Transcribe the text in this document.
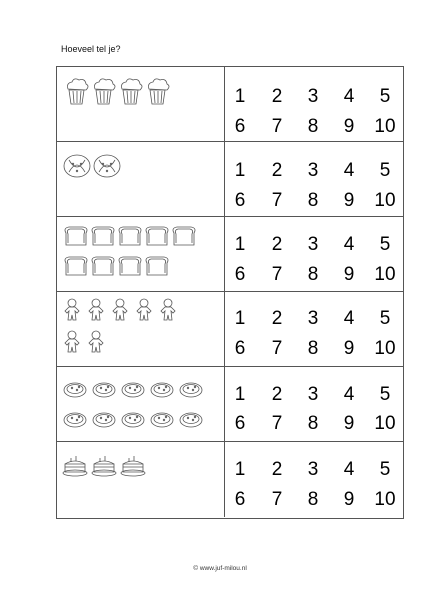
Hoeveel tel je?
1	2	3	4	5
6	7	8	9	10
1	2	3	4	5
6	7	8	9	10
1	2	3	4	5
6	7	8	9	10
1	2	3	4	5
6	7	8	9	10
1	2	3	4	5
6	7	8	9	10
1	2	3	4	5
6	7	8	9	10
© www.juf-milou.nl
